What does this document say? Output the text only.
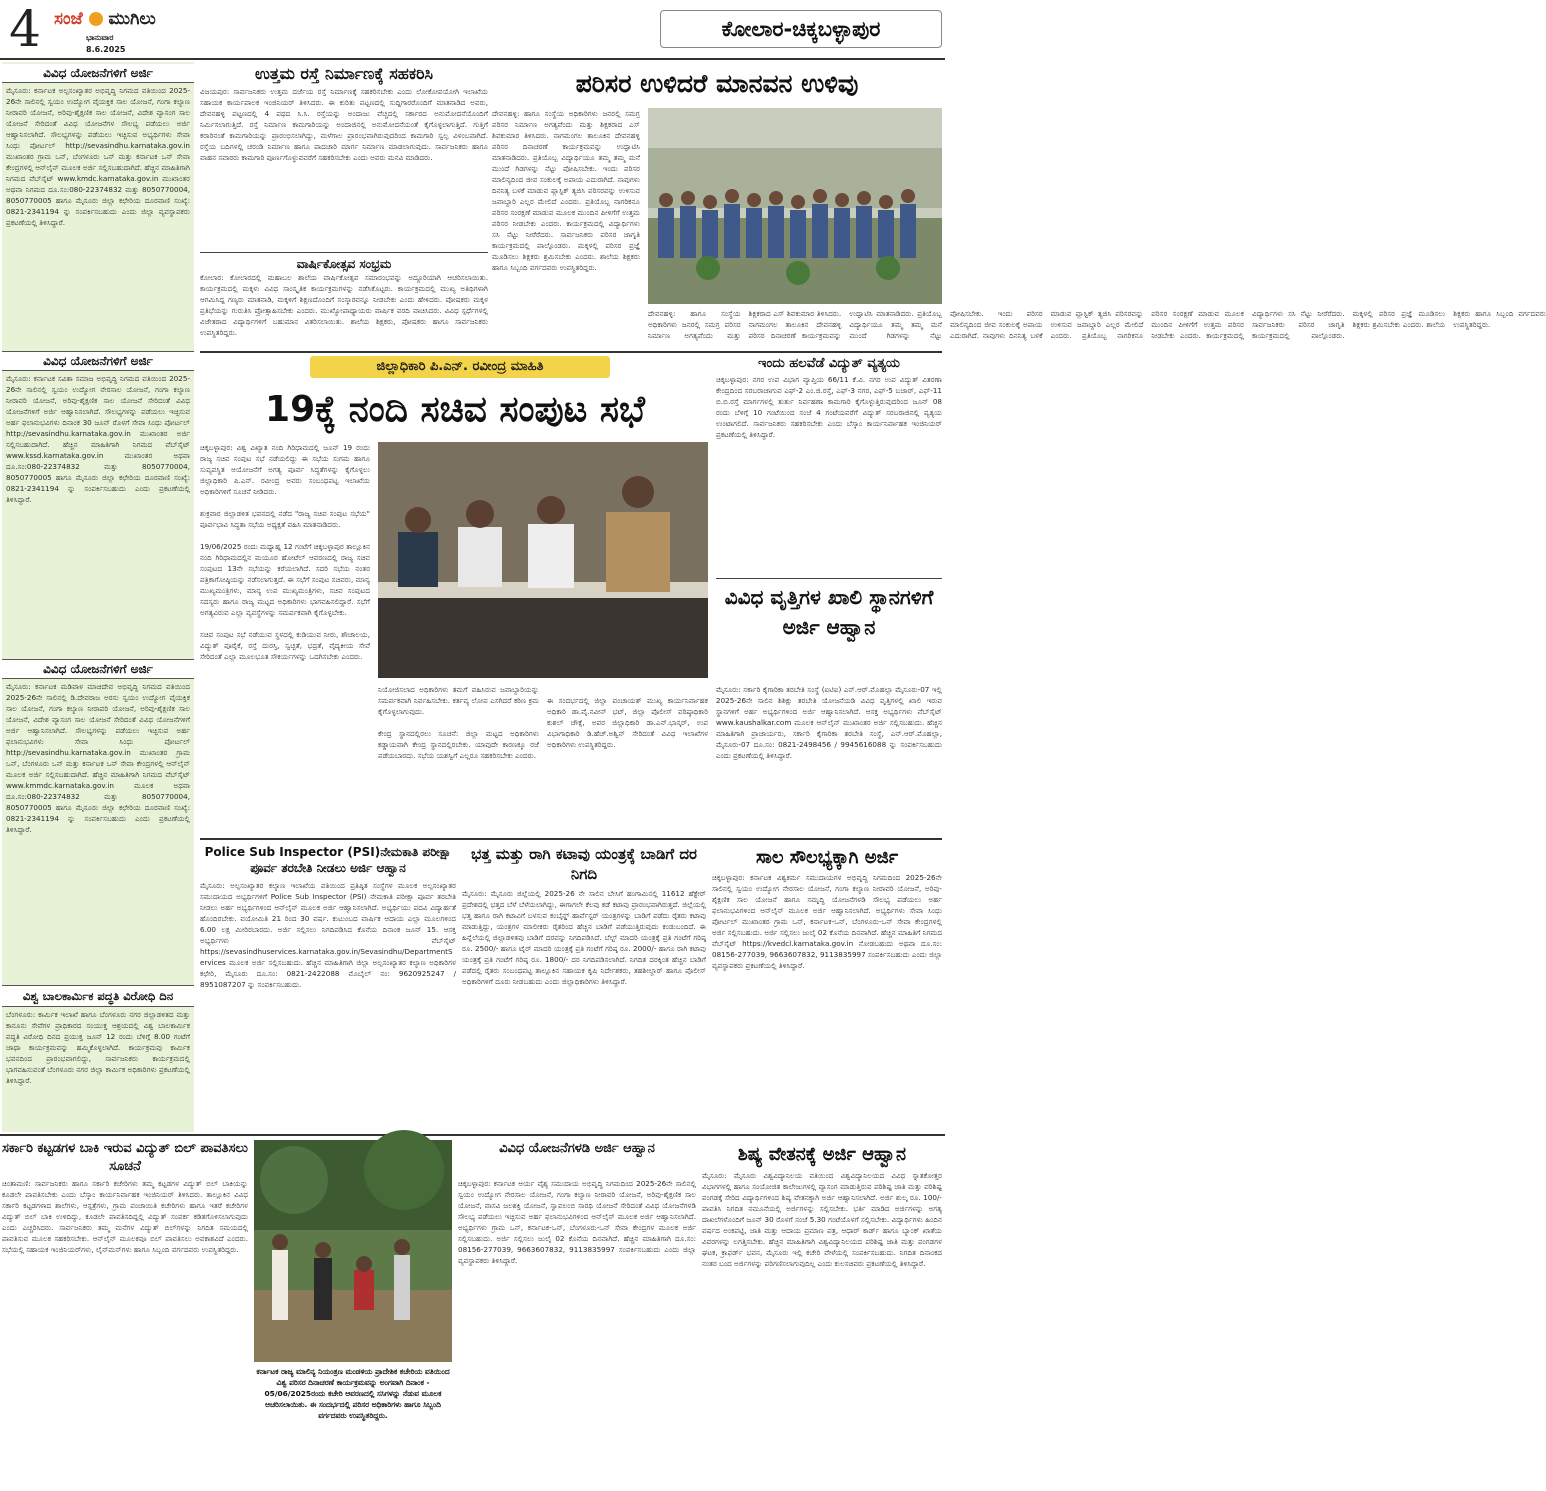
4 ಸಂಜೆ ಮುಗಿಲು
ಭಾನುವಾರ
8.6.2025
ಕೋಲಾರ-ಚಿಕ್ಕಬಳ್ಳಾಪುರ
ವಿವಿಧ ಯೋಜನೆಗಳಿಗೆ ಅರ್ಜಿ
ಮೈಸೂರು: ಕರ್ನಾಟಕ ಅಲ್ಪಸಂಖ್ಯಾತರ ಅಭಿವೃದ್ಧಿ ನಿಗಮದ ವತಿಯಿಂದ 2025-26ನೇ ಸಾಲಿನಲ್ಲಿ ಸ್ವಯಂ ಉದ್ಯೋಗ ವೈಯಕ್ತಿಕ ಸಾಲ ಯೋಜನೆ, ಗಂಗಾ ಕಲ್ಯಾಣ ನೀರಾವರಿ ಯೋಜನೆ, ಅರಿವು-ಶೈಕ್ಷಣಿಕ ಸಾಲ ಯೋಜನೆ, ವಿದೇಶ ವ್ಯಾಸಂಗ ಸಾಲ ಯೋಜನೆ ಸೇರಿದಂತೆ ವಿವಿಧ ಯೋಜನೆಗಳ ಸೌಲಭ್ಯ ಪಡೆಯಲು ಅರ್ಜಿ ಆಹ್ವಾನಿಸಲಾಗಿದೆ. ಸೌಲಭ್ಯಗಳನ್ನು ಪಡೆಯಲು ಇಚ್ಛಿಸುವ ಅಭ್ಯರ್ಥಿಗಳು ಸೇವಾ ಸಿಂಧು ಪೋರ್ಟಲ್ http://sevasindhu.karnataka.gov.in ಮುಖಾಂತರ ಗ್ರಾಮ ಒನ್, ಬೆಂಗಳೂರು ಒನ್ ಮತ್ತು ಕರ್ನಾಟಕ ಒನ್ ಸೇವಾ ಕೇಂದ್ರಗಳಲ್ಲಿ ಆನ್‌ಲೈನ್ ಮೂಲಕ ಅರ್ಜಿ ಸಲ್ಲಿಸಬಹುದಾಗಿದೆ. ಹೆಚ್ಚಿನ ಮಾಹಿತಿಗಾಗಿ ನಿಗಮದ ವೆಬ್‌ಸೈಟ್ www.kmdc.karnataka.gov.in ಮುಖಾಂತರ ಅಥವಾ ನಿಗಮದ ದೂ.ಸಂ:080-22374832 ಮತ್ತು 8050770004, 8050770005 ಹಾಗೂ ಮೈಸೂರು ಜಿಲ್ಲಾ ಕಛೇರಿಯ ದೂರವಾಣಿ ಸಂಖ್ಯೆ: 0821-2341194 ನ್ನು ಸಂಪರ್ಕಿಸಬಹುದು ಎಂದು ಜಿಲ್ಲಾ ವ್ಯವಸ್ಥಾಪಕರು ಪ್ರಕಟಣೆಯಲ್ಲಿ ತಿಳಿಸಿದ್ದಾರೆ.
ವಿವಿಧ ಯೋಜನೆಗಳಿಗೆ ಅರ್ಜಿ
ಮೈಸೂರು: ಕರ್ನಾಟಕ ಸವಿತಾ ಸಮಾಜ ಅಭಿವೃದ್ಧಿ ನಿಗಮದ ವತಿಯಿಂದ 2025-26ನೇ ಸಾಲಿನಲ್ಲಿ ಸ್ವಯಂ ಉದ್ಯೋಗ ನೇರಸಾಲ ಯೋಜನೆ, ಗಂಗಾ ಕಲ್ಯಾಣ ನೀರಾವರಿ ಯೋಜನೆ, ಅರಿವು-ಶೈಕ್ಷಣಿಕ ಸಾಲ ಯೋಜನೆ ಸೇರಿದಂತೆ ವಿವಿಧ ಯೋಜನೆಗಳಿಗೆ ಅರ್ಜಿ ಆಹ್ವಾನಿಸಲಾಗಿದೆ. ಸೌಲಭ್ಯಗಳನ್ನು ಪಡೆಯಲು ಇಚ್ಛಿಸುವ ಅರ್ಹ ಫಲಾನುಭವಿಗಳು ದಿನಾಂಕ 30 ಜೂನ್ ರೊಳಗೆ ಸೇವಾ ಸಿಂಧು ಪೋರ್ಟಲ್ http://sevasindhu.karnataka.gov.in ಮುಖಾಂತರ ಅರ್ಜಿ ಸಲ್ಲಿಸಬಹುದಾಗಿದೆ. ಹೆಚ್ಚಿನ ಮಾಹಿತಿಗಾಗಿ ನಿಗಮದ ವೆಬ್‌ಸೈಟ್ www.kssd.karnataka.gov.in ಮುಖಾಂತರ ಅಥವಾ ದೂ.ಸಂ:080-22374832 ಮತ್ತು 8050770004, 8050770005 ಹಾಗೂ ಮೈಸೂರು ಜಿಲ್ಲಾ ಕಛೇರಿಯ ದೂರವಾಣಿ ಸಂಖ್ಯೆ: 0821-2341194 ನ್ನು ಸಂಪರ್ಕಿಸಬಹುದು ಎಂದು ಪ್ರಕಟಣೆಯಲ್ಲಿ ತಿಳಿಸಿದ್ದಾರೆ.
ವಿವಿಧ ಯೋಜನೆಗಳಿಗೆ ಅರ್ಜಿ
ಮೈಸೂರು: ಕರ್ನಾಟಕ ಮಡಿವಾಳ ಮಾಚಿದೇವ ಅಭಿವೃದ್ಧಿ ನಿಗಮದ ವತಿಯಿಂದ 2025-26ನೇ ಸಾಲಿನಲ್ಲಿ ಡಿ.ದೇವರಾಜ ಅರಸು ಸ್ವಯಂ ಉದ್ಯೋಗ ವೈಯಕ್ತಿಕ ಸಾಲ ಯೋಜನೆ, ಗಂಗಾ ಕಲ್ಯಾಣ ನೀರಾವರಿ ಯೋಜನೆ, ಅರಿವು-ಶೈಕ್ಷಣಿಕ ಸಾಲ ಯೋಜನೆ, ವಿದೇಶ ವ್ಯಾಸಂಗ ಸಾಲ ಯೋಜನೆ ಸೇರಿದಂತೆ ವಿವಿಧ ಯೋಜನೆಗಳಿಗೆ ಅರ್ಜಿ ಆಹ್ವಾನಿಸಲಾಗಿದೆ. ಸೌಲಭ್ಯಗಳನ್ನು ಪಡೆಯಲು ಇಚ್ಛಿಸುವ ಅರ್ಹ ಫಲಾನುಭವಿಗಳು ಸೇವಾ ಸಿಂಧು ಪೋರ್ಟಲ್ http://sevasindhu.karnataka.gov.in ಮುಖಾಂತರ ಗ್ರಾಮ ಒನ್, ಬೆಂಗಳೂರು ಒನ್ ಮತ್ತು ಕರ್ನಾಟಕ ಒನ್ ಸೇವಾ ಕೇಂದ್ರಗಳಲ್ಲಿ ಆನ್‌ಲೈನ್ ಮೂಲಕ ಅರ್ಜಿ ಸಲ್ಲಿಸಬಹುದಾಗಿದೆ. ಹೆಚ್ಚಿನ ಮಾಹಿತಿಗಾಗಿ ನಿಗಮದ ವೆಬ್‌ಸೈಟ್ www.kmmdc.karnataka.gov.in ಮೂಲಕ ಅಥವಾ ದೂ.ಸಂ:080-22374832 ಮತ್ತು 8050770004, 8050770005 ಹಾಗೂ ಮೈಸೂರು ಜಿಲ್ಲಾ ಕಛೇರಿಯ ದೂರವಾಣಿ ಸಂಖ್ಯೆ: 0821-2341194 ನ್ನು ಸಂಪರ್ಕಿಸಬಹುದು ಎಂದು ಪ್ರಕಟಣೆಯಲ್ಲಿ ತಿಳಿಸಿದ್ದಾರೆ.
ವಿಶ್ವ ಬಾಲಕಾರ್ಮಿಕ ಪದ್ಧತಿ ವಿರೋಧಿ ದಿನ
ಬೆಂಗಳೂರು: ಕಾರ್ಮಿಕ ಇಲಾಖೆ ಹಾಗೂ ಬೆಂಗಳೂರು ನಗರ ಜಿಲ್ಲಾಡಳಿತದ ಮತ್ತು ಕಾನೂನು ಸೇವೆಗಳ ಪ್ರಾಧಿಕಾರದ ಸಂಯುಕ್ತ ಆಶ್ರಯದಲ್ಲಿ ವಿಶ್ವ ಬಾಲಕಾರ್ಮಿಕ ಪದ್ಧತಿ ವಿರೋಧಿ ದಿನದ ಪ್ರಯುಕ್ತ ಜೂನ್ 12 ರಂದು ಬೆಳಿಗ್ಗೆ 8.00 ಗಂಟೆಗೆ ಜಾಥಾ ಕಾರ್ಯಕ್ರಮವನ್ನು ಹಮ್ಮಿಕೊಳ್ಳಲಾಗಿದೆ. ಕಾರ್ಯಕ್ರಮವು ಕಾರ್ಮಿಕ ಭವನದಿಂದ ಪ್ರಾರಂಭವಾಗಲಿದ್ದು, ಸಾರ್ವಜನಿಕರು ಕಾರ್ಯಕ್ರಮದಲ್ಲಿ ಭಾಗವಹಿಸುವಂತೆ ಬೆಂಗಳೂರು ನಗರ ಜಿಲ್ಲಾ ಕಾರ್ಮಿಕ ಅಧಿಕಾರಿಗಳು ಪ್ರಕಟಣೆಯಲ್ಲಿ ತಿಳಿಸಿದ್ದಾರೆ.
ಉತ್ತಮ ರಸ್ತೆ ನಿರ್ಮಾಣಕ್ಕೆ ಸಹಕರಿಸಿ
ವಿಜಯಪುರ: ಸಾರ್ವಜನಿಕರು ಉತ್ತಮ ದರ್ಜೆಯ ರಸ್ತೆ ನಿರ್ಮಾಣಕ್ಕೆ ಸಹಕರಿಸಬೇಕು ಎಂದು ಲೋಕೋಪಯೋಗಿ ಇಲಾಖೆಯ ಸಹಾಯಕ ಕಾರ್ಯಪಾಲಕ ಇಂಜಿನಿಯರ್ ತಿಳಿಸಿದರು. ಈ ಕುರಿತು ಪಟ್ಟಣದಲ್ಲಿ ಸುದ್ದಿಗಾರರೊಂದಿಗೆ ಮಾತನಾಡಿದ ಅವರು, ದೇವನಹಳ್ಳಿ ಪಟ್ಟಣದಲ್ಲಿ 4 ಪಥದ ಸಿ.ಸಿ. ರಸ್ತೆಯನ್ನು ಅಂದಾಜು ವೆಚ್ಚದಲ್ಲಿ ಸರ್ಕಾರದ ಅನುಮೋದನೆಯೊಂದಿಗೆ ನಿರ್ಮಿಸಲಾಗುತ್ತಿದೆ. ರಸ್ತೆ ನಿರ್ಮಾಣ ಕಾಮಗಾರಿಯನ್ನು ಅಂದಾಜಿನಲ್ಲಿ ಅನುಮೋದನೆಯಂತೆ ಕೈಗೊಳ್ಳಲಾಗುತ್ತಿದೆ. ಗುತ್ತಿಗೆ ಕರಾರಿನಂತೆ ಕಾಮಗಾರಿಯನ್ನು ಪ್ರಾರಂಭಿಸಲಾಗಿದ್ದು, ಮಳೆಗಾಲ ಪ್ರಾರಂಭವಾಗಿರುವುದರಿಂದ ಕಾಮಗಾರಿ ಸ್ವಲ್ಪ ವಿಳಂಬವಾಗಿದೆ. ರಸ್ತೆಯ ಬದಿಗಳಲ್ಲಿ ಚರಂಡಿ ನಿರ್ಮಾಣ ಹಾಗೂ ಪಾದಚಾರಿ ಮಾರ್ಗ ನಿರ್ಮಾಣ ಮಾಡಲಾಗುವುದು. ಸಾರ್ವಜನಿಕರು ಹಾಗೂ ವಾಹನ ಸವಾರರು ಕಾಮಗಾರಿ ಪೂರ್ಣಗೊಳ್ಳುವವರೆಗೆ ಸಹಕರಿಸಬೇಕು ಎಂದು ಅವರು ಮನವಿ ಮಾಡಿದರು.
ವಾರ್ಷಿಕೋತ್ಸವ ಸಂಭ್ರಮ
ಕೋಲಾರ: ಕೋಲಾರದಲ್ಲಿ ಮಹಾಬಲ ಶಾಲೆಯ ವಾರ್ಷಿಕೋತ್ಸವ ಸಮಾರಂಭವನ್ನು ಅದ್ದೂರಿಯಾಗಿ ಆಚರಿಸಲಾಯಿತು. ಕಾರ್ಯಕ್ರಮದಲ್ಲಿ ಮಕ್ಕಳು ವಿವಿಧ ಸಾಂಸ್ಕೃತಿಕ ಕಾರ್ಯಕ್ರಮಗಳನ್ನು ನಡೆಸಿಕೊಟ್ಟರು. ಕಾರ್ಯಕ್ರಮದಲ್ಲಿ ಮುಖ್ಯ ಅತಿಥಿಗಳಾಗಿ ಆಗಮಿಸಿದ್ದ ಗಣ್ಯರು ಮಾತನಾಡಿ, ಮಕ್ಕಳಿಗೆ ಶಿಕ್ಷಣದೊಂದಿಗೆ ಸಂಸ್ಕಾರವನ್ನೂ ನೀಡಬೇಕು ಎಂದು ಹೇಳಿದರು. ಪೋಷಕರು ಮಕ್ಕಳ ಪ್ರತಿಭೆಯನ್ನು ಗುರುತಿಸಿ ಪ್ರೋತ್ಸಾಹಿಸಬೇಕು ಎಂದರು. ಮುಖ್ಯೋಪಾಧ್ಯಾಯರು ವಾರ್ಷಿಕ ವರದಿ ವಾಚಿಸಿದರು. ವಿವಿಧ ಸ್ಪರ್ಧೆಗಳಲ್ಲಿ ವಿಜೇತರಾದ ವಿದ್ಯಾರ್ಥಿಗಳಿಗೆ ಬಹುಮಾನ ವಿತರಿಸಲಾಯಿತು. ಶಾಲೆಯ ಶಿಕ್ಷಕರು, ಪೋಷಕರು ಹಾಗೂ ಸಾರ್ವಜನಿಕರು ಉಪಸ್ಥಿತರಿದ್ದರು.
ಪರಿಸರ ಉಳಿದರೆ ಮಾನವನ ಉಳಿವು
ದೇವನಹಳ್ಳಿ: ಹಾಗೂ ಸಂಸ್ಥೆಯ ಅಧಿಕಾರಿಗಳು ಜನರಲ್ಲಿ ಸಮಗ್ರ ಪರಿಸರ ನಿರ್ಮಾಣ ಅಗತ್ಯವೆಂದು ಮತ್ತು ಶಿಕ್ಷಕರಾದ ಎಸ್ ಶಿವಕುಮಾರ ತಿಳಿಸಿದರು. ನಾಗಮಂಗಲ ತಾಲೂಕಿನ ದೇವನಹಳ್ಳಿ ಪರಿಸರ ದಿನಾಚರಣೆ ಕಾರ್ಯಕ್ರಮವನ್ನು ಉದ್ಘಾಟಿಸಿ ಮಾತನಾಡಿದರು. ಪ್ರತಿಯೊಬ್ಬ ವಿದ್ಯಾರ್ಥಿಯೂ ತಮ್ಮ ತಮ್ಮ ಮನೆ ಮುಂದೆ ಗಿಡಗಳನ್ನು ನೆಟ್ಟು ಪೋಷಿಸಬೇಕು. ಇಂದು ಪರಿಸರ ಮಾಲಿನ್ಯದಿಂದ ಜೀವ ಸಂಕುಲಕ್ಕೆ ಅಪಾಯ ಎದುರಾಗಿದೆ. ನಾವುಗಳು ದಿನನಿತ್ಯ ಬಳಕೆ ಮಾಡುವ ಪ್ಲಾಸ್ಟಿಕ್ ತ್ಯಜಿಸಿ ಪರಿಸರವನ್ನು ಉಳಿಸುವ ಜವಾಬ್ದಾರಿ ಎಲ್ಲರ ಮೇಲಿದೆ ಎಂದರು. ಪ್ರತಿಯೊಬ್ಬ ನಾಗರಿಕನೂ ಪರಿಸರ ಸಂರಕ್ಷಣೆ ಮಾಡುವ ಮೂಲಕ ಮುಂದಿನ ಪೀಳಿಗೆಗೆ ಉತ್ತಮ ಪರಿಸರ ನೀಡಬೇಕು ಎಂದರು. ಕಾರ್ಯಕ್ರಮದಲ್ಲಿ ವಿದ್ಯಾರ್ಥಿಗಳು ಸಸಿ ನೆಟ್ಟು ನೀರೆರೆದರು. ಸಾರ್ವಜನಿಕರು ಪರಿಸರ ಜಾಗೃತಿ ಕಾರ್ಯಕ್ರಮದಲ್ಲಿ ಪಾಲ್ಗೊಂಡರು. ಮಕ್ಕಳಲ್ಲಿ ಪರಿಸರ ಪ್ರಜ್ಞೆ ಮೂಡಿಸಲು ಶಿಕ್ಷಕರು ಶ್ರಮಿಸಬೇಕು ಎಂದರು. ಶಾಲೆಯ ಶಿಕ್ಷಕರು ಹಾಗೂ ಸಿಬ್ಬಂದಿ ವರ್ಗದವರು ಉಪಸ್ಥಿತರಿದ್ದರು.
ದೇವನಹಳ್ಳಿ: ಹಾಗೂ ಸಂಸ್ಥೆಯ ಅಧಿಕಾರಿಗಳು ಜನರಲ್ಲಿ ಸಮಗ್ರ ಪರಿಸರ ನಿರ್ಮಾಣ ಅಗತ್ಯವೆಂದು ಮತ್ತು ಶಿಕ್ಷಕರಾದ ಎಸ್ ಶಿವಕುಮಾರ ತಿಳಿಸಿದರು. ನಾಗಮಂಗಲ ತಾಲೂಕಿನ ದೇವನಹಳ್ಳಿ ಪರಿಸರ ದಿನಾಚರಣೆ ಕಾರ್ಯಕ್ರಮವನ್ನು ಉದ್ಘಾಟಿಸಿ ಮಾತನಾಡಿದರು. ಪ್ರತಿಯೊಬ್ಬ ವಿದ್ಯಾರ್ಥಿಯೂ ತಮ್ಮ ತಮ್ಮ ಮನೆ ಮುಂದೆ ಗಿಡಗಳನ್ನು ನೆಟ್ಟು ಪೋಷಿಸಬೇಕು. ಇಂದು ಪರಿಸರ ಮಾಲಿನ್ಯದಿಂದ ಜೀವ ಸಂಕುಲಕ್ಕೆ ಅಪಾಯ ಎದುರಾಗಿದೆ. ನಾವುಗಳು ದಿನನಿತ್ಯ ಬಳಕೆ ಮಾಡುವ ಪ್ಲಾಸ್ಟಿಕ್ ತ್ಯಜಿಸಿ ಪರಿಸರವನ್ನು ಉಳಿಸುವ ಜವಾಬ್ದಾರಿ ಎಲ್ಲರ ಮೇಲಿದೆ ಎಂದರು. ಪ್ರತಿಯೊಬ್ಬ ನಾಗರಿಕನೂ ಪರಿಸರ ಸಂರಕ್ಷಣೆ ಮಾಡುವ ಮೂಲಕ ಮುಂದಿನ ಪೀಳಿಗೆಗೆ ಉತ್ತಮ ಪರಿಸರ ನೀಡಬೇಕು ಎಂದರು. ಕಾರ್ಯಕ್ರಮದಲ್ಲಿ ವಿದ್ಯಾರ್ಥಿಗಳು ಸಸಿ ನೆಟ್ಟು ನೀರೆರೆದರು. ಸಾರ್ವಜನಿಕರು ಪರಿಸರ ಜಾಗೃತಿ ಕಾರ್ಯಕ್ರಮದಲ್ಲಿ ಪಾಲ್ಗೊಂಡರು. ಮಕ್ಕಳಲ್ಲಿ ಪರಿಸರ ಪ್ರಜ್ಞೆ ಮೂಡಿಸಲು ಶಿಕ್ಷಕರು ಶ್ರಮಿಸಬೇಕು ಎಂದರು. ಶಾಲೆಯ ಶಿಕ್ಷಕರು ಹಾಗೂ ಸಿಬ್ಬಂದಿ ವರ್ಗದವರು ಉಪಸ್ಥಿತರಿದ್ದರು.
ಜಿಲ್ಲಾಧಿಕಾರಿ ಪಿ.ಎನ್. ರವೀಂದ್ರ ಮಾಹಿತಿ
19ಕ್ಕೆ ನಂದಿ ಸಚಿವ ಸಂಪುಟ ಸಭೆ
ಚಿಕ್ಕಬಳ್ಳಾಪುರ: ವಿಶ್ವ ವಿಖ್ಯಾತ ನಂದಿ ಗಿರಿಧಾಮದಲ್ಲಿ ಜೂನ್ 19 ರಂದು ರಾಜ್ಯ ಸಚಿವ ಸಂಪುಟ ಸಭೆ ನಡೆಯಲಿದ್ದು ಈ ಸಭೆಯ ಸುಗಮ ಹಾಗೂ ಸುವ್ಯವಸ್ಥಿತ ಆಯೋಜನೆಗೆ ಅಗತ್ಯ ಪೂರ್ವ ಸಿದ್ಧತೆಗಳನ್ನು ಕೈಗೊಳ್ಳಲು ಜಿಲ್ಲಾಧಿಕಾರಿ ಪಿ.ಎನ್. ರವೀಂದ್ರ ಅವರು ಸಂಬಂಧಪಟ್ಟ ಇಲಾಖೆಯ ಅಧಿಕಾರಿಗಳಿಗೆ ಸೂಚನೆ ನೀಡಿದರು.

ಶುಕ್ರವಾರ ಜಿಲ್ಲಾಡಳಿತ ಭವನದಲ್ಲಿ ನಡೆದ "ರಾಜ್ಯ ಸಚಿವ ಸಂಪುಟ ಸಭೆಯ" ಪೂರ್ವಭಾವಿ ಸಿದ್ಧತಾ ಸಭೆಯ ಅಧ್ಯಕ್ಷತೆ ವಹಿಸಿ ಮಾತನಾಡಿದರು.

19/06/2025 ರಂದು ಮಧ್ಯಾಹ್ನ 12 ಗಂಟೆಗೆ ಚಿಕ್ಕಬಳ್ಳಾಪುರ ತಾಲ್ಲೂಕಿನ ನಂದಿ ಗಿರಿಧಾಮದಲ್ಲಿನ ಮಯೂರ ಹೋಟೆಲ್ ಆವರಣದಲ್ಲಿ ರಾಜ್ಯ ಸಚಿವ ಸಂಪುಟದ 13ನೇ ಸಭೆಯನ್ನು ಕರೆಯಲಾಗಿದೆ. ಸದರಿ ಸಭೆಯ ನಂತರ ಪತ್ರಿಕಾಗೋಷ್ಠಿಯನ್ನು ನಡೆಸಲಾಗುತ್ತದೆ. ಈ ಸಭೆಗೆ ಸಂಪುಟ ಸಚಿವರು, ಮಾನ್ಯ ಮುಖ್ಯಮಂತ್ರಿಗಳು, ಮಾನ್ಯ ಉಪ ಮುಖ್ಯಮಂತ್ರಿಗಳು, ಸಚಿವ ಸಂಪುಟದ ಸದಸ್ಯರು ಹಾಗೂ ರಾಜ್ಯ ಮಟ್ಟದ ಅಧಿಕಾರಿಗಳು ಭಾಗವಹಿಸಲಿದ್ದಾರೆ. ಸಭೆಗೆ ಅಗತ್ಯವಿರುವ ಎಲ್ಲಾ ವ್ಯವಸ್ಥೆಗಳನ್ನು ಸಮರ್ಪಕವಾಗಿ ಕೈಗೊಳ್ಳಬೇಕು.

ಸಚಿವ ಸಂಪುಟ ಸಭೆ ನಡೆಯುವ ಸ್ಥಳದಲ್ಲಿ ಕುಡಿಯುವ ನೀರು, ಶೌಚಾಲಯ, ವಿದ್ಯುತ್ ಪೂರೈಕೆ, ರಸ್ತೆ ದುರಸ್ತಿ, ಸ್ವಚ್ಛತೆ, ಭದ್ರತೆ, ವೈದ್ಯಕೀಯ ಸೇವೆ ಸೇರಿದಂತೆ ಎಲ್ಲಾ ಮೂಲಭೂತ ಸೌಕರ್ಯಗಳನ್ನು ಒದಗಿಸಬೇಕು ಎಂದರು.
ನಿಯೋಜಿಸಲಾದ ಅಧಿಕಾರಿಗಳು ತಮಗೆ ವಹಿಸಿರುವ ಜವಾಬ್ದಾರಿಯನ್ನು ಸಮರ್ಪಕವಾಗಿ ನಿರ್ವಹಿಸಬೇಕು. ಕರ್ತವ್ಯ ಲೋಪ ಎಸಗಿದರೆ ಕಠಿಣ ಕ್ರಮ ಕೈಗೊಳ್ಳಲಾಗುವುದು.

ಕೇಂದ್ರ ಸ್ಥಾನದಲ್ಲಿರಲು ಸೂಚನೆ: ಜಿಲ್ಲಾ ಮಟ್ಟದ ಅಧಿಕಾರಿಗಳು ಕಡ್ಡಾಯವಾಗಿ ಕೇಂದ್ರ ಸ್ಥಾನದಲ್ಲಿರಬೇಕು. ಯಾವುದೇ ಕಾರಣಕ್ಕೂ ರಜೆ ಪಡೆಯಬಾರದು. ಸಭೆಯ ಯಶಸ್ವಿಗೆ ಎಲ್ಲರೂ ಸಹಕರಿಸಬೇಕು ಎಂದರು.

ಈ ಸಂದರ್ಭದಲ್ಲಿ ಜಿಲ್ಲಾ ಪಂಚಾಯತ್ ಮುಖ್ಯ ಕಾರ್ಯನಿರ್ವಾಹಕ ಅಧಿಕಾರಿ ಡಾ.ವೈ.ನವೀನ್ ಭಟ್, ಜಿಲ್ಲಾ ಪೊಲೀಸ್ ವರಿಷ್ಠಾಧಿಕಾರಿ ಕುಶಲ್ ಚೌಕ್ಸೆ, ಅಪರ ಜಿಲ್ಲಾಧಿಕಾರಿ ಡಾ.ಎನ್.ಭಾಸ್ಕರ್, ಉಪ ವಿಭಾಗಾಧಿಕಾರಿ ಡಿ.ಹೆಚ್.ಅಶ್ವಿನ್ ಸೇರಿದಂತೆ ವಿವಿಧ ಇಲಾಖೆಗಳ ಅಧಿಕಾರಿಗಳು ಉಪಸ್ಥಿತರಿದ್ದರು.
ಇಂದು ಹಲವೆಡೆ ವಿದ್ಯುತ್ ವ್ಯತ್ಯಯ
ಚಿಕ್ಕಬಳ್ಳಾಪುರ: ನಗರ ಉಪ ವಿಭಾಗ ವ್ಯಾಪ್ತಿಯ 66/11 ಕೆ.ವಿ. ನಗರ ಉಪ ವಿದ್ಯುತ್ ವಿತರಣಾ ಕೇಂದ್ರದಿಂದ ಸರಬರಾಜಾಗುವ ಎಫ್-2 ಎಂ.ಜಿ.ರಸ್ತೆ, ಎಫ್-3 ನಗರ, ಎಫ್-5 ಬಜಾರ್, ಎಫ್-11 ಬಿ.ಬಿ.ರಸ್ತೆ ಮಾರ್ಗಗಳಲ್ಲಿ ತುರ್ತು ನಿರ್ವಹಣಾ ಕಾಮಗಾರಿ ಕೈಗೊಳ್ಳುತ್ತಿರುವುದರಿಂದ ಜೂನ್ 08 ರಂದು ಬೆಳಿಗ್ಗೆ 10 ಗಂಟೆಯಿಂದ ಸಂಜೆ 4 ಗಂಟೆಯವರೆಗೆ ವಿದ್ಯುತ್ ಸರಬರಾಜಿನಲ್ಲಿ ವ್ಯತ್ಯಯ ಉಂಟಾಗಲಿದೆ. ಸಾರ್ವಜನಿಕರು ಸಹಕರಿಸಬೇಕು ಎಂದು ಬೆಸ್ಕಾಂ ಕಾರ್ಯನಿರ್ವಾಹಕ ಇಂಜಿನಿಯರ್ ಪ್ರಕಟಣೆಯಲ್ಲಿ ತಿಳಿಸಿದ್ದಾರೆ.
ವಿವಿಧ ವೃತ್ತಿಗಳ ಖಾಲಿ ಸ್ಥಾನಗಳಿಗೆ ಅರ್ಜಿ ಆಹ್ವಾನ
ಮೈಸೂರು: ಸರ್ಕಾರಿ ಕೈಗಾರಿಕಾ ತರಬೇತಿ ಸಂಸ್ಥೆ (ಐಟಿಐ) ಎನ್.ಆರ್.ಮೊಹಲ್ಲಾ ಮೈಸೂರು-07 ಇಲ್ಲಿ 2025-26ನೇ ಸಾಲಿನ ಶಿಶಿಕ್ಷು ತರಬೇತಿ ಯೋಜನೆಯಡಿ ವಿವಿಧ ವೃತ್ತಿಗಳಲ್ಲಿ ಖಾಲಿ ಇರುವ ಸ್ಥಾನಗಳಿಗೆ ಅರ್ಹ ಅಭ್ಯರ್ಥಿಗಳಿಂದ ಅರ್ಜಿ ಆಹ್ವಾನಿಸಲಾಗಿದೆ. ಆಸಕ್ತ ಅಭ್ಯರ್ಥಿಗಳು ವೆಬ್‌ಸೈಟ್ www.kaushalkar.com ಮೂಲಕ ಆನ್‌ಲೈನ್ ಮುಖಾಂತರ ಅರ್ಜಿ ಸಲ್ಲಿಸಬಹುದು. ಹೆಚ್ಚಿನ ಮಾಹಿತಿಗಾಗಿ ಪ್ರಾಚಾರ್ಯರು, ಸರ್ಕಾರಿ ಕೈಗಾರಿಕಾ ತರಬೇತಿ ಸಂಸ್ಥೆ, ಎನ್.ಆರ್.ಮೊಹಲ್ಲಾ, ಮೈಸೂರು-07 ದೂ.ಸಂ: 0821-2498456 / 9945616088 ನ್ನು ಸಂಪರ್ಕಿಸಬಹುದು ಎಂದು ಪ್ರಕಟಣೆಯಲ್ಲಿ ತಿಳಿಸಿದ್ದಾರೆ.
Police Sub Inspector (PSI)ನೇಮಕಾತಿ ಪರೀಕ್ಷಾ ಪೂರ್ವ ತರಬೇತಿ ನೀಡಲು ಅರ್ಜಿ ಆಹ್ವಾನ
ಮೈಸೂರು: ಅಲ್ಪಸಂಖ್ಯಾತರ ಕಲ್ಯಾಣ ಇಲಾಖೆಯ ವತಿಯಿಂದ ಪ್ರತಿಷ್ಠಿತ ಸಂಸ್ಥೆಗಳ ಮೂಲಕ ಅಲ್ಪಸಂಖ್ಯಾತರ ಸಮುದಾಯದ ಅಭ್ಯರ್ಥಿಗಳಿಗೆ Police Sub Inspector (PSI) ನೇಮಕಾತಿ ಪರೀಕ್ಷಾ ಪೂರ್ವ ತರಬೇತಿ ನೀಡಲು ಅರ್ಹ ಅಭ್ಯರ್ಥಿಗಳಿಂದ ಆನ್‌ಲೈನ್ ಮೂಲಕ ಅರ್ಜಿ ಆಹ್ವಾನಿಸಲಾಗಿದೆ. ಅಭ್ಯರ್ಥಿಯು ಪದವಿ ವಿದ್ಯಾರ್ಹತೆ ಹೊಂದಿರಬೇಕು. ವಯೋಮಿತಿ 21 ರಿಂದ 30 ವರ್ಷ. ಕುಟುಂಬದ ವಾರ್ಷಿಕ ಆದಾಯ ಎಲ್ಲಾ ಮೂಲಗಳಿಂದ 6.00 ಲಕ್ಷ ಮೀರಿರಬಾರದು. ಅರ್ಜಿ ಸಲ್ಲಿಸಲು ನಿಗದಿಪಡಿಸಿದ ಕೊನೆಯ ದಿನಾಂಕ ಜೂನ್ 15. ಆಸಕ್ತ ಅಭ್ಯರ್ಥಿಗಳು ವೆಬ್‌ಸೈಟ್ https://sevasindhuservices.karnataka.gov.in/Sevasindhu/DepartmentServices ಮೂಲಕ ಅರ್ಜಿ ಸಲ್ಲಿಸಬಹುದು. ಹೆಚ್ಚಿನ ಮಾಹಿತಿಗಾಗಿ ಜಿಲ್ಲಾ ಅಲ್ಪಸಂಖ್ಯಾತರ ಕಲ್ಯಾಣ ಅಧಿಕಾರಿಗಳ ಕಛೇರಿ, ಮೈಸೂರು ದೂ.ಸಂ: 0821-2422088 ಮೊಬೈಲ್ ನಂ: 9620925247 / 8951087207 ನ್ನು ಸಂಪರ್ಕಿಸಬಹುದು.
ಭತ್ತ ಮತ್ತು ರಾಗಿ ಕಟಾವು ಯಂತ್ರಕ್ಕೆ ಬಾಡಿಗೆ ದರ ನಿಗದಿ
ಮೈಸೂರು: ಮೈಸೂರು ಜಿಲ್ಲೆಯಲ್ಲಿ 2025-26 ನೇ ಸಾಲಿನ ಬೇಸಿಗೆ ಹಂಗಾಮಿನಲ್ಲಿ 11612 ಹೆಕ್ಟೇರ್ ಪ್ರದೇಶದಲ್ಲಿ ಭತ್ತದ ಬೆಳೆ ಬೆಳೆಯಲಾಗಿದ್ದು, ಈಗಾಗಲೇ ಕೆಲವು ಕಡೆ ಕಟಾವು ಪ್ರಾರಂಭವಾಗಿರುತ್ತದೆ. ಜಿಲ್ಲೆಯಲ್ಲಿ ಭತ್ತ ಹಾಗೂ ರಾಗಿ ಕಟಾವಿಗೆ ಬಳಸುವ ಕಂಬೈನ್ಡ್ ಹಾರ್ವೆಸ್ಟರ್ ಯಂತ್ರಗಳನ್ನು ಬಾಡಿಗೆ ಪಡೆದು ರೈತರು ಕಟಾವು ಮಾಡುತ್ತಿದ್ದು, ಯಂತ್ರಗಳ ಮಾಲೀಕರು ರೈತರಿಂದ ಹೆಚ್ಚಿನ ಬಾಡಿಗೆ ಪಡೆಯುತ್ತಿರುವುದು ಕಂಡುಬಂದಿದೆ. ಈ ಹಿನ್ನೆಲೆಯಲ್ಲಿ ಜಿಲ್ಲಾಡಳಿತವು ಬಾಡಿಗೆ ದರವನ್ನು ನಿಗದಿಪಡಿಸಿದೆ. ಬೆಲ್ಟ್ ಮಾದರಿ ಯಂತ್ರಕ್ಕೆ ಪ್ರತಿ ಗಂಟೆಗೆ ಗರಿಷ್ಠ ರೂ. 2500/- ಹಾಗೂ ಟೈರ್ ಮಾದರಿ ಯಂತ್ರಕ್ಕೆ ಪ್ರತಿ ಗಂಟೆಗೆ ಗರಿಷ್ಠ ರೂ. 2000/- ಹಾಗೂ ರಾಗಿ ಕಟಾವು ಯಂತ್ರಕ್ಕೆ ಪ್ರತಿ ಗಂಟೆಗೆ ಗರಿಷ್ಠ ರೂ. 1800/- ದರ ನಿಗದಿಪಡಿಸಲಾಗಿದೆ. ನಿಗದಿತ ದರಕ್ಕಿಂತ ಹೆಚ್ಚಿನ ಬಾಡಿಗೆ ಪಡೆದಲ್ಲಿ ರೈತರು ಸಂಬಂಧಪಟ್ಟ ತಾಲ್ಲೂಕಿನ ಸಹಾಯಕ ಕೃಷಿ ನಿರ್ದೇಶಕರು, ತಹಶೀಲ್ದಾರ್ ಹಾಗೂ ಪೊಲೀಸ್ ಅಧಿಕಾರಿಗಳಿಗೆ ದೂರು ನೀಡಬಹುದು ಎಂದು ಜಿಲ್ಲಾಧಿಕಾರಿಗಳು ತಿಳಿಸಿದ್ದಾರೆ.
ಸಾಲ ಸೌಲಭ್ಯಕ್ಕಾಗಿ ಅರ್ಜಿ
ಚಿಕ್ಕಬಳ್ಳಾಪುರ: ಕರ್ನಾಟಕ ವಿಶ್ವಕರ್ಮ ಸಮುದಾಯಗಳ ಅಭಿವೃದ್ಧಿ ನಿಗಮದಿಂದ 2025-26ನೇ ಸಾಲಿನಲ್ಲಿ ಸ್ವಯಂ ಉದ್ಯೋಗ ನೇರಸಾಲ ಯೋಜನೆ, ಗಂಗಾ ಕಲ್ಯಾಣ ನೀರಾವರಿ ಯೋಜನೆ, ಅರಿವು-ಶೈಕ್ಷಣಿಕ ಸಾಲ ಯೋಜನೆ ಹಾಗೂ ಸಮೃದ್ಧಿ ಯೋಜನೆಗಳಡಿ ಸೌಲಭ್ಯ ಪಡೆಯಲು ಅರ್ಹ ಫಲಾನುಭವಿಗಳಿಂದ ಆನ್‌ಲೈನ್ ಮೂಲಕ ಅರ್ಜಿ ಆಹ್ವಾನಿಸಲಾಗಿದೆ. ಅಭ್ಯರ್ಥಿಗಳು ಸೇವಾ ಸಿಂಧು ಪೋರ್ಟಲ್ ಮುಖಾಂತರ ಗ್ರಾಮ ಒನ್, ಕರ್ನಾಟಕ-ಒನ್, ಬೆಂಗಳೂರು-ಒನ್ ಸೇವಾ ಕೇಂದ್ರಗಳಲ್ಲಿ ಅರ್ಜಿ ಸಲ್ಲಿಸಬಹುದು. ಅರ್ಜಿ ಸಲ್ಲಿಸಲು ಜುಲೈ 02 ಕೊನೆಯ ದಿನವಾಗಿದೆ. ಹೆಚ್ಚಿನ ಮಾಹಿತಿಗೆ ನಿಗಮದ ವೆಬ್‌ಸೈಟ್ https://kvedcl.karnataka.gov.in ನೋಡಬಹುದು ಅಥವಾ ದೂ.ಸಂ: 08156-277039, 9663607832, 9113835997 ಸಂಪರ್ಕಿಸಬಹುದು ಎಂದು ಜಿಲ್ಲಾ ವ್ಯವಸ್ಥಾಪಕರು ಪ್ರಕಟಣೆಯಲ್ಲಿ ತಿಳಿಸಿದ್ದಾರೆ.
ಸರ್ಕಾರಿ ಕಟ್ಟಡಗಳ ಬಾಕಿ ಇರುವ ವಿದ್ಯುತ್ ಬಿಲ್ ಪಾವತಿಸಲು ಸೂಚನೆ
ಚಿಂತಾಮಣಿ: ಸಾರ್ವಜನಿಕರು ಹಾಗೂ ಸರ್ಕಾರಿ ಕಚೇರಿಗಳು ತಮ್ಮ ಕಟ್ಟಡಗಳ ವಿದ್ಯುತ್ ಬಿಲ್ ಬಾಕಿಯನ್ನು ಕೂಡಲೇ ಪಾವತಿಸಬೇಕು ಎಂದು ಬೆಸ್ಕಾಂ ಕಾರ್ಯನಿರ್ವಾಹಕ ಇಂಜಿನಿಯರ್ ತಿಳಿಸಿದರು. ತಾಲ್ಲೂಕಿನ ವಿವಿಧ ಸರ್ಕಾರಿ ಕಟ್ಟಡಗಳಾದ ಶಾಲೆಗಳು, ಆಸ್ಪತ್ರೆಗಳು, ಗ್ರಾಮ ಪಂಚಾಯಿತಿ ಕಚೇರಿಗಳು ಹಾಗೂ ಇತರೆ ಕಚೇರಿಗಳ ವಿದ್ಯುತ್ ಬಿಲ್ ಬಾಕಿ ಉಳಿದಿದ್ದು, ಕೂಡಲೇ ಪಾವತಿಸದಿದ್ದಲ್ಲಿ ವಿದ್ಯುತ್ ಸಂಪರ್ಕ ಕಡಿತಗೊಳಿಸಲಾಗುವುದು ಎಂದು ಎಚ್ಚರಿಸಿದರು. ಸಾರ್ವಜನಿಕರು ತಮ್ಮ ಮನೆಗಳ ವಿದ್ಯುತ್ ಬಿಲ್‌ಗಳನ್ನು ನಿಗದಿತ ಸಮಯದಲ್ಲಿ ಪಾವತಿಸುವ ಮೂಲಕ ಸಹಕರಿಸಬೇಕು. ಆನ್‌ಲೈನ್ ಮೂಲಕವೂ ಬಿಲ್ ಪಾವತಿಸಲು ಅವಕಾಶವಿದೆ ಎಂದರು. ಸಭೆಯಲ್ಲಿ ಸಹಾಯಕ ಇಂಜಿನಿಯರ್‌ಗಳು, ಲೈನ್‌ಮನ್‌ಗಳು ಹಾಗೂ ಸಿಬ್ಬಂದಿ ವರ್ಗದವರು ಉಪಸ್ಥಿತರಿದ್ದರು.
ಕರ್ನಾಟಕ ರಾಜ್ಯ ಮಾಲಿನ್ಯ ನಿಯಂತ್ರಣ ಮಂಡಳಿಯ ಪ್ರಾದೇಶಿಕ ಕಚೇರಿಯ ವತಿಯಿಂದ ವಿಶ್ವ ಪರಿಸರ ದಿನಾಚರಣೆ ಕಾರ್ಯಕ್ರಮವನ್ನು ಅಂಗವಾಗಿ ದಿನಾಂಕ - 05/06/2025ರಂದು ಕಚೇರಿ ಆವರಣದಲ್ಲಿ ಸಸಿಗಳನ್ನು ನೆಡುವ ಮೂಲಕ ಆಚರಿಸಲಾಯಿತು. ಈ ಸಂದರ್ಭದಲ್ಲಿ ಪರಿಸರ ಅಧಿಕಾರಿಗಳು ಹಾಗೂ ಸಿಬ್ಬಂದಿ ವರ್ಗದವರು ಉಪಸ್ಥಿತರಿದ್ದರು.
ವಿವಿಧ ಯೋಜನೆಗಳಡಿ ಅರ್ಜಿ ಆಹ್ವಾನ
ಚಿಕ್ಕಬಳ್ಳಾಪುರ: ಕರ್ನಾಟಕ ಆರ್ಯ ವೈಶ್ಯ ಸಮುದಾಯ ಅಭಿವೃದ್ಧಿ ನಿಗಮದಿಂದ 2025-26ನೇ ಸಾಲಿನಲ್ಲಿ ಸ್ವಯಂ ಉದ್ಯೋಗ ನೇರಸಾಲ ಯೋಜನೆ, ಗಂಗಾ ಕಲ್ಯಾಣ ನೀರಾವರಿ ಯೋಜನೆ, ಅರಿವು-ಶೈಕ್ಷಣಿಕ ಸಾಲ ಯೋಜನೆ, ವಾಸವಿ ಜಲಶಕ್ತಿ ಯೋಜನೆ, ಸ್ವಾವಲಂಬಿ ಸಾರಥಿ ಯೋಜನೆ ಸೇರಿದಂತೆ ವಿವಿಧ ಯೋಜನೆಗಳಡಿ ಸೌಲಭ್ಯ ಪಡೆಯಲು ಇಚ್ಛಿಸುವ ಅರ್ಹ ಫಲಾನುಭವಿಗಳಿಂದ ಆನ್‌ಲೈನ್ ಮೂಲಕ ಅರ್ಜಿ ಆಹ್ವಾನಿಸಲಾಗಿದೆ. ಅಭ್ಯರ್ಥಿಗಳು ಗ್ರಾಮ ಒನ್, ಕರ್ನಾಟಕ-ಒನ್, ಬೆಂಗಳೂರು-ಒನ್ ಸೇವಾ ಕೇಂದ್ರಗಳ ಮೂಲಕ ಅರ್ಜಿ ಸಲ್ಲಿಸಬಹುದು. ಅರ್ಜಿ ಸಲ್ಲಿಸಲು ಜುಲೈ 02 ಕೊನೆಯ ದಿನವಾಗಿದೆ. ಹೆಚ್ಚಿನ ಮಾಹಿತಿಗಾಗಿ ದೂ.ಸಂ: 08156-277039, 9663607832, 9113835997 ಸಂಪರ್ಕಿಸಬಹುದು ಎಂದು ಜಿಲ್ಲಾ ವ್ಯವಸ್ಥಾಪಕರು ತಿಳಿಸಿದ್ದಾರೆ.
ಶಿಷ್ಯ ವೇತನಕ್ಕೆ ಅರ್ಜಿ ಆಹ್ವಾನ
ಮೈಸೂರು: ಮೈಸೂರು ವಿಶ್ವವಿದ್ಯಾನಿಲಯ ವತಿಯಿಂದ ವಿಶ್ವವಿದ್ಯಾನಿಲಯದ ವಿವಿಧ ಸ್ನಾತಕೋತ್ತರ ವಿಭಾಗಗಳಲ್ಲಿ ಹಾಗೂ ಸಂಯೋಜಿತ ಕಾಲೇಜುಗಳಲ್ಲಿ ವ್ಯಾಸಂಗ ಮಾಡುತ್ತಿರುವ ಪರಿಶಿಷ್ಟ ಜಾತಿ ಮತ್ತು ಪರಿಶಿಷ್ಟ ಪಂಗಡಕ್ಕೆ ಸೇರಿದ ವಿದ್ಯಾರ್ಥಿಗಳಿಂದ ಶಿಷ್ಯ ವೇತನಕ್ಕಾಗಿ ಅರ್ಜಿ ಆಹ್ವಾನಿಸಲಾಗಿದೆ. ಅರ್ಜಿ ಶುಲ್ಕ ರೂ. 100/- ಪಾವತಿಸಿ ನಿಗದಿತ ನಮೂನೆಯಲ್ಲಿ ಅರ್ಜಿಗಳನ್ನು ಸಲ್ಲಿಸಬೇಕು. ಭರ್ತಿ ಮಾಡಿದ ಅರ್ಜಿಗಳನ್ನು ಅಗತ್ಯ ದಾಖಲೆಗಳೊಂದಿಗೆ ಜೂನ್ 30 ರೊಳಗೆ ಸಂಜೆ 5.30 ಗಂಟೆಯೊಳಗೆ ಸಲ್ಲಿಸಬೇಕು. ವಿದ್ಯಾರ್ಥಿಗಳು ಹಿಂದಿನ ವರ್ಷದ ಅಂಕಪಟ್ಟಿ, ಜಾತಿ ಮತ್ತು ಆದಾಯ ಪ್ರಮಾಣ ಪತ್ರ, ಆಧಾರ್ ಕಾರ್ಡ್ ಹಾಗೂ ಬ್ಯಾಂಕ್ ಖಾತೆಯ ವಿವರಗಳನ್ನು ಲಗತ್ತಿಸಬೇಕು. ಹೆಚ್ಚಿನ ಮಾಹಿತಿಗಾಗಿ ವಿಶ್ವವಿದ್ಯಾನಿಲಯದ ಪರಿಶಿಷ್ಟ ಜಾತಿ ಮತ್ತು ಪಂಗಡಗಳ ಘಟಕ, ಕ್ರಾಫರ್ಡ್ ಭವನ, ಮೈಸೂರು ಇಲ್ಲಿ ಕಚೇರಿ ವೇಳೆಯಲ್ಲಿ ಸಂಪರ್ಕಿಸಬಹುದು. ನಿಗದಿತ ದಿನಾಂಕದ ನಂತರ ಬಂದ ಅರ್ಜಿಗಳನ್ನು ಪರಿಗಣಿಸಲಾಗುವುದಿಲ್ಲ ಎಂದು ಕುಲಸಚಿವರು ಪ್ರಕಟಣೆಯಲ್ಲಿ ತಿಳಿಸಿದ್ದಾರೆ.
